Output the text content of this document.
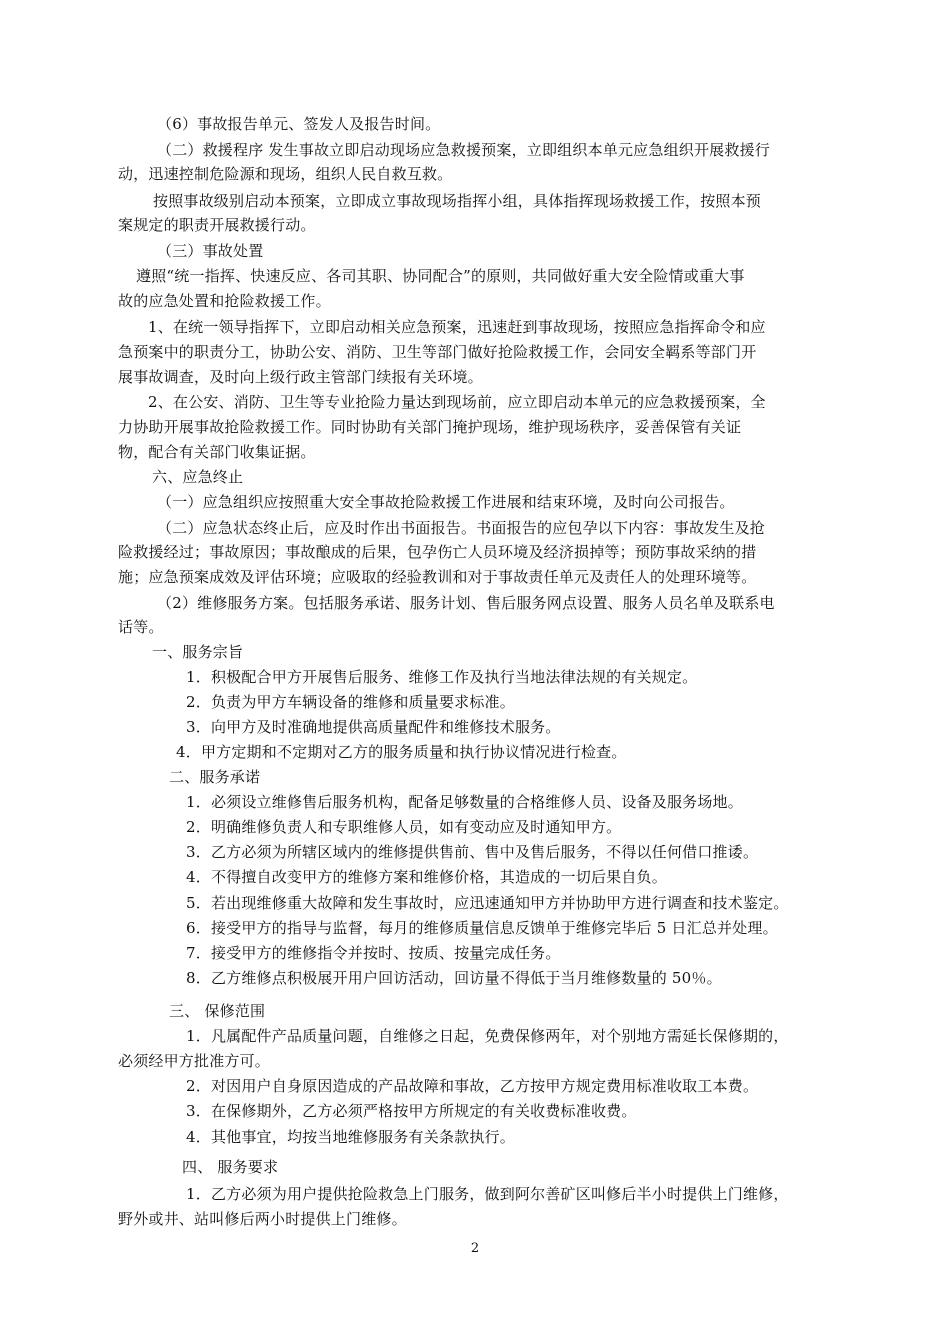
（6）事故报告单元、签发人及报告时间。
（二）救援程序 发生事故立即启动现场应急救援预案，立即组织本单元应急组织开展救援行
动，迅速控制危险源和现场，组织人民自救互救。
按照事故级别启动本预案，立即成立事故现场指挥小组，具体指挥现场救援工作，按照本预
案规定的职责开展救援行动。
（三）事故处置
遵照“统一指挥、快速反应、各司其职、协同配合”的原则，共同做好重大安全险情或重大事
故的应急处置和抢险救援工作。
1、在统一领导指挥下，立即启动相关应急预案，迅速赶到事故现场，按照应急指挥命令和应
急预案中的职责分工，协助公安、消防、卫生等部门做好抢险救援工作，会同安全羁系等部门开
展事故调查，及时向上级行政主管部门续报有关环境。
2、在公安、消防、卫生等专业抢险力量达到现场前，应立即启动本单元的应急救援预案，全
力协助开展事故抢险救援工作。同时协助有关部门掩护现场，维护现场秩序，妥善保管有关证
物，配合有关部门收集证据。
六、应急终止
（一）应急组织应按照重大安全事故抢险救援工作进展和结束环境，及时向公司报告。
（二）应急状态终止后，应及时作出书面报告。书面报告的应包孕以下内容：事故发生及抢
险救援经过；事故原因；事故酿成的后果，包孕伤亡人员环境及经济损掉等；预防事故采纳的措
施；应急预案成效及评估环境；应吸取的经验教训和对于事故责任单元及责任人的处理环境等。
（2）维修服务方案。包括服务承诺、服务计划、售后服务网点设置、服务人员名单及联系电
话等。
一、服务宗旨
1．积极配合甲方开展售后服务、维修工作及执行当地法律法规的有关规定。
2．负责为甲方车辆设备的维修和质量要求标准。
3．向甲方及时准确地提供高质量配件和维修技术服务。
4．甲方定期和不定期对乙方的服务质量和执行协议情况进行检查。
二、服务承诺
1．必须设立维修售后服务机构，配备足够数量的合格维修人员、设备及服务场地。
2．明确维修负责人和专职维修人员，如有变动应及时通知甲方。
3．乙方必须为所辖区域内的维修提供售前、售中及售后服务，不得以任何借口推诿。
4．不得擅自改变甲方的维修方案和维修价格，其造成的一切后果自负。
5．若出现维修重大故障和发生事故时，应迅速通知甲方并协助甲方进行调查和技术鉴定。
6．接受甲方的指导与监督，每月的维修质量信息反馈单于维修完毕后 5 日汇总并处理。
7．接受甲方的维修指令并按时、按质、按量完成任务。
8．乙方维修点积极展开用户回访活动，回访量不得低于当月维修数量的 50％。
三、 保修范围
1．凡属配件产品质量问题，自维修之日起，免费保修两年，对个别地方需延长保修期的，
必须经甲方批准方可。
2．对因用户自身原因造成的产品故障和事故，乙方按甲方规定费用标准收取工本费。
3．在保修期外，乙方必须严格按甲方所规定的有关收费标准收费。
4．其他事宜，均按当地维修服务有关条款执行。
四、 服务要求
1．乙方必须为用户提供抢险救急上门服务，做到阿尔善矿区叫修后半小时提供上门维修，
野外或井、站叫修后两小时提供上门维修。
2
